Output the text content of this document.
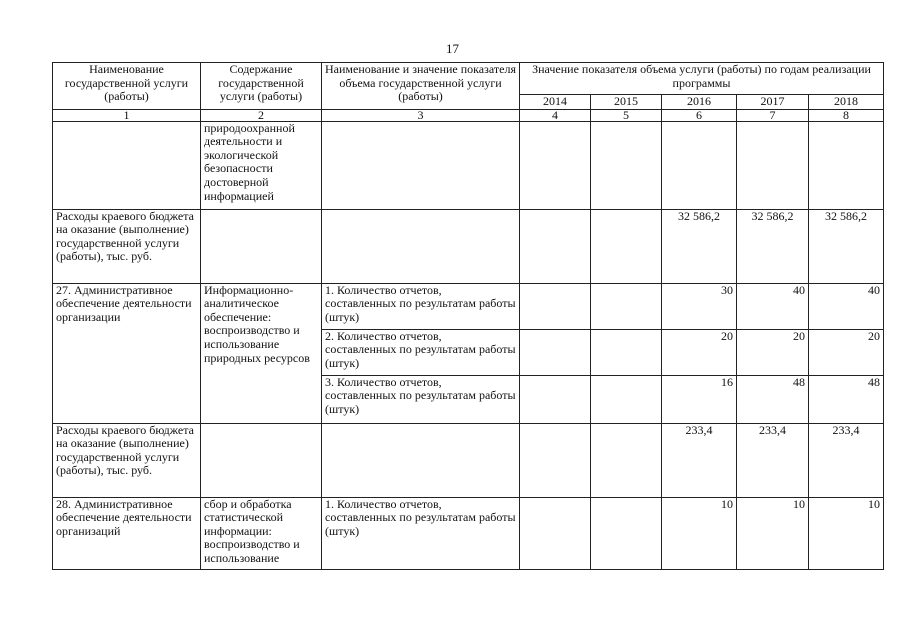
17
Наименование государственной услуги (работы)	Содержание государственной услуги (работы)	Наименование и значение показателя объема государственной услуги (работы)	Значение показателя объема услуги (работы) по годам реализации программы				
			2014	2015	2016	2017	2018
1	2	3	4	5	6	7	8
	природоохранной деятельности и экологической безопасности достоверной информацией						
Расходы краевого бюджета на оказание (выполнение) государственной услуги (работы), тыс. руб.					32 586,2	32 586,2	32 586,2
27. Административное обеспечение деятельности организации	Информационно-аналитическое обеспечение: воспроизводство и использование природных ресурсов	1. Количество отчетов, составленных по результатам работы (штук)			30	40	40
		2. Количество отчетов, составленных по результатам работы (штук)			20	20	20
		3. Количество отчетов, составленных по результатам работы (штук)			16	48	48
Расходы краевого бюджета на оказание (выполнение) государственной услуги (работы), тыс. руб.					233,4	233,4	233,4
28. Административное обеспечение деятельности организаций	сбор и обработка статистической информации: воспроизводство и использование	1. Количество отчетов, составленных по результатам работы (штук)			10	10	10
